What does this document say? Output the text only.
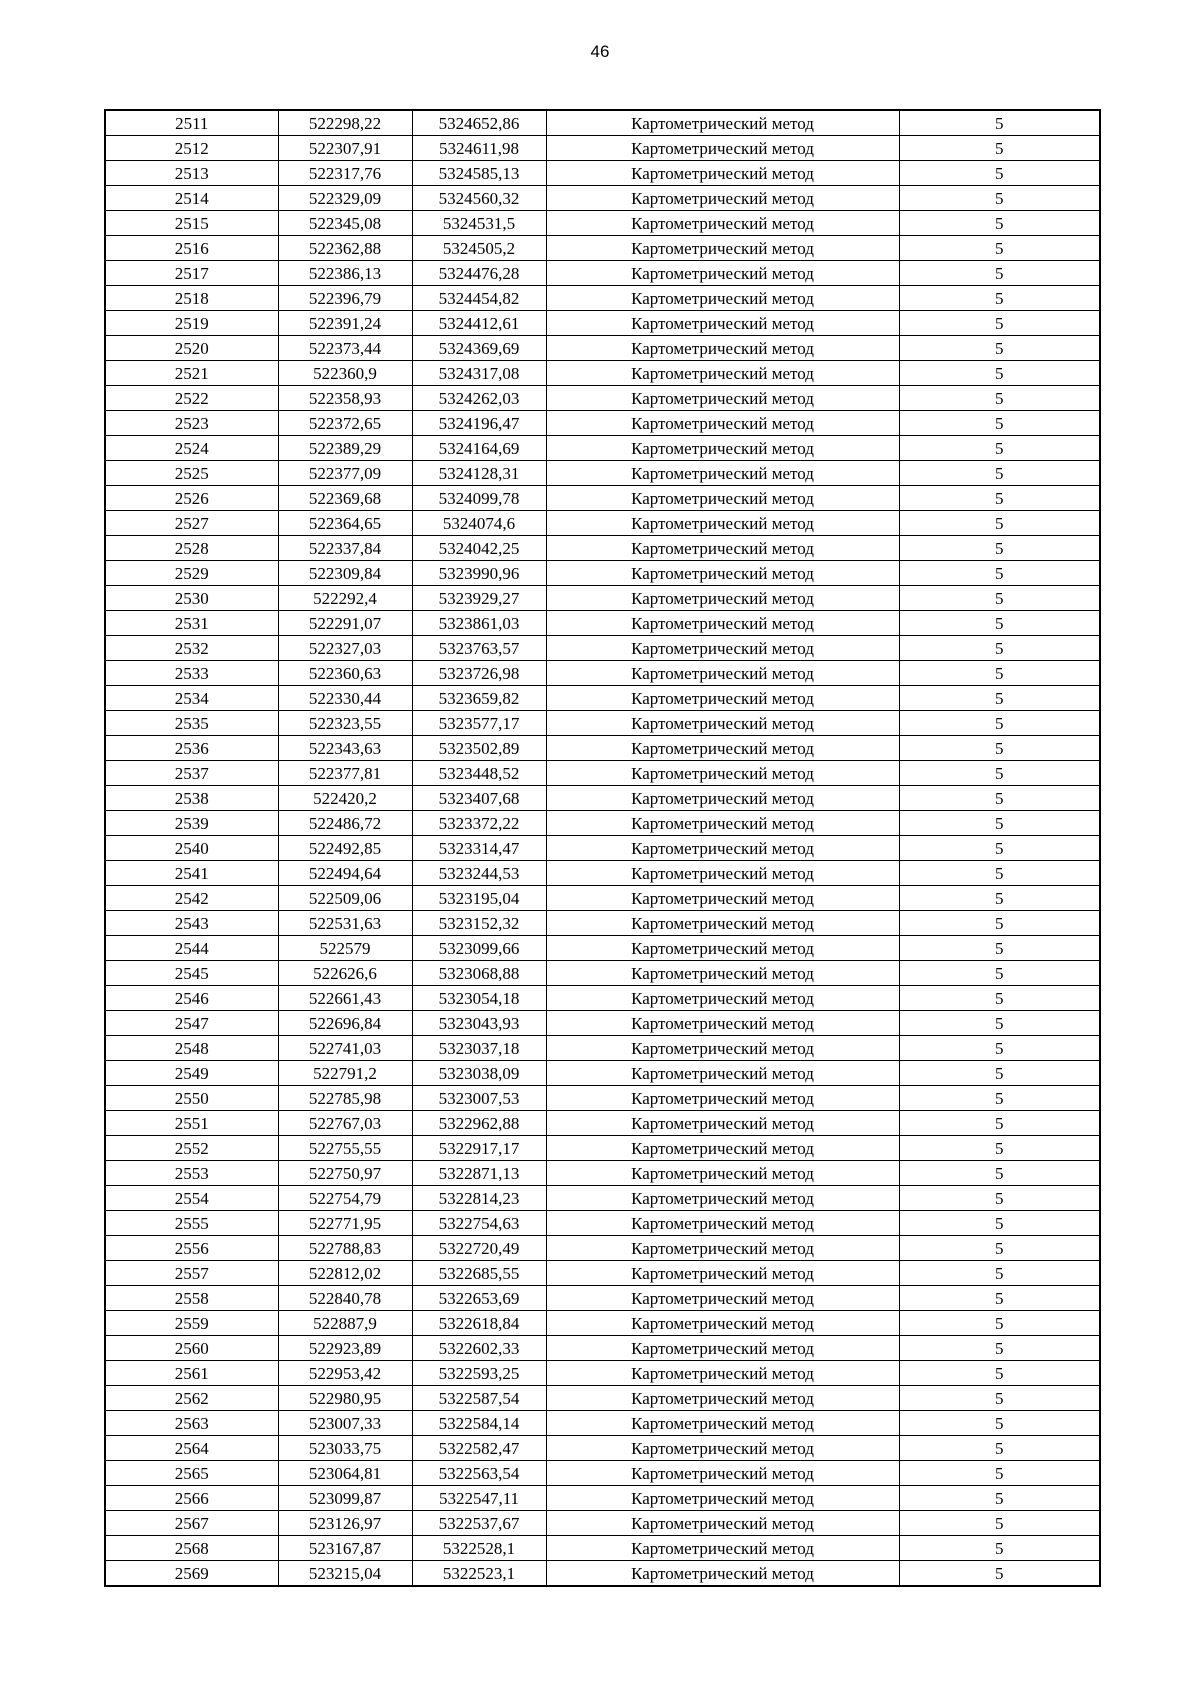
46
2511	522298,22	5324652,86	Картометрический метод	5
2512	522307,91	5324611,98	Картометрический метод	5
2513	522317,76	5324585,13	Картометрический метод	5
2514	522329,09	5324560,32	Картометрический метод	5
2515	522345,08	5324531,5	Картометрический метод	5
2516	522362,88	5324505,2	Картометрический метод	5
2517	522386,13	5324476,28	Картометрический метод	5
2518	522396,79	5324454,82	Картометрический метод	5
2519	522391,24	5324412,61	Картометрический метод	5
2520	522373,44	5324369,69	Картометрический метод	5
2521	522360,9	5324317,08	Картометрический метод	5
2522	522358,93	5324262,03	Картометрический метод	5
2523	522372,65	5324196,47	Картометрический метод	5
2524	522389,29	5324164,69	Картометрический метод	5
2525	522377,09	5324128,31	Картометрический метод	5
2526	522369,68	5324099,78	Картометрический метод	5
2527	522364,65	5324074,6	Картометрический метод	5
2528	522337,84	5324042,25	Картометрический метод	5
2529	522309,84	5323990,96	Картометрический метод	5
2530	522292,4	5323929,27	Картометрический метод	5
2531	522291,07	5323861,03	Картометрический метод	5
2532	522327,03	5323763,57	Картометрический метод	5
2533	522360,63	5323726,98	Картометрический метод	5
2534	522330,44	5323659,82	Картометрический метод	5
2535	522323,55	5323577,17	Картометрический метод	5
2536	522343,63	5323502,89	Картометрический метод	5
2537	522377,81	5323448,52	Картометрический метод	5
2538	522420,2	5323407,68	Картометрический метод	5
2539	522486,72	5323372,22	Картометрический метод	5
2540	522492,85	5323314,47	Картометрический метод	5
2541	522494,64	5323244,53	Картометрический метод	5
2542	522509,06	5323195,04	Картометрический метод	5
2543	522531,63	5323152,32	Картометрический метод	5
2544	522579	5323099,66	Картометрический метод	5
2545	522626,6	5323068,88	Картометрический метод	5
2546	522661,43	5323054,18	Картометрический метод	5
2547	522696,84	5323043,93	Картометрический метод	5
2548	522741,03	5323037,18	Картометрический метод	5
2549	522791,2	5323038,09	Картометрический метод	5
2550	522785,98	5323007,53	Картометрический метод	5
2551	522767,03	5322962,88	Картометрический метод	5
2552	522755,55	5322917,17	Картометрический метод	5
2553	522750,97	5322871,13	Картометрический метод	5
2554	522754,79	5322814,23	Картометрический метод	5
2555	522771,95	5322754,63	Картометрический метод	5
2556	522788,83	5322720,49	Картометрический метод	5
2557	522812,02	5322685,55	Картометрический метод	5
2558	522840,78	5322653,69	Картометрический метод	5
2559	522887,9	5322618,84	Картометрический метод	5
2560	522923,89	5322602,33	Картометрический метод	5
2561	522953,42	5322593,25	Картометрический метод	5
2562	522980,95	5322587,54	Картометрический метод	5
2563	523007,33	5322584,14	Картометрический метод	5
2564	523033,75	5322582,47	Картометрический метод	5
2565	523064,81	5322563,54	Картометрический метод	5
2566	523099,87	5322547,11	Картометрический метод	5
2567	523126,97	5322537,67	Картометрический метод	5
2568	523167,87	5322528,1	Картометрический метод	5
2569	523215,04	5322523,1	Картометрический метод	5
